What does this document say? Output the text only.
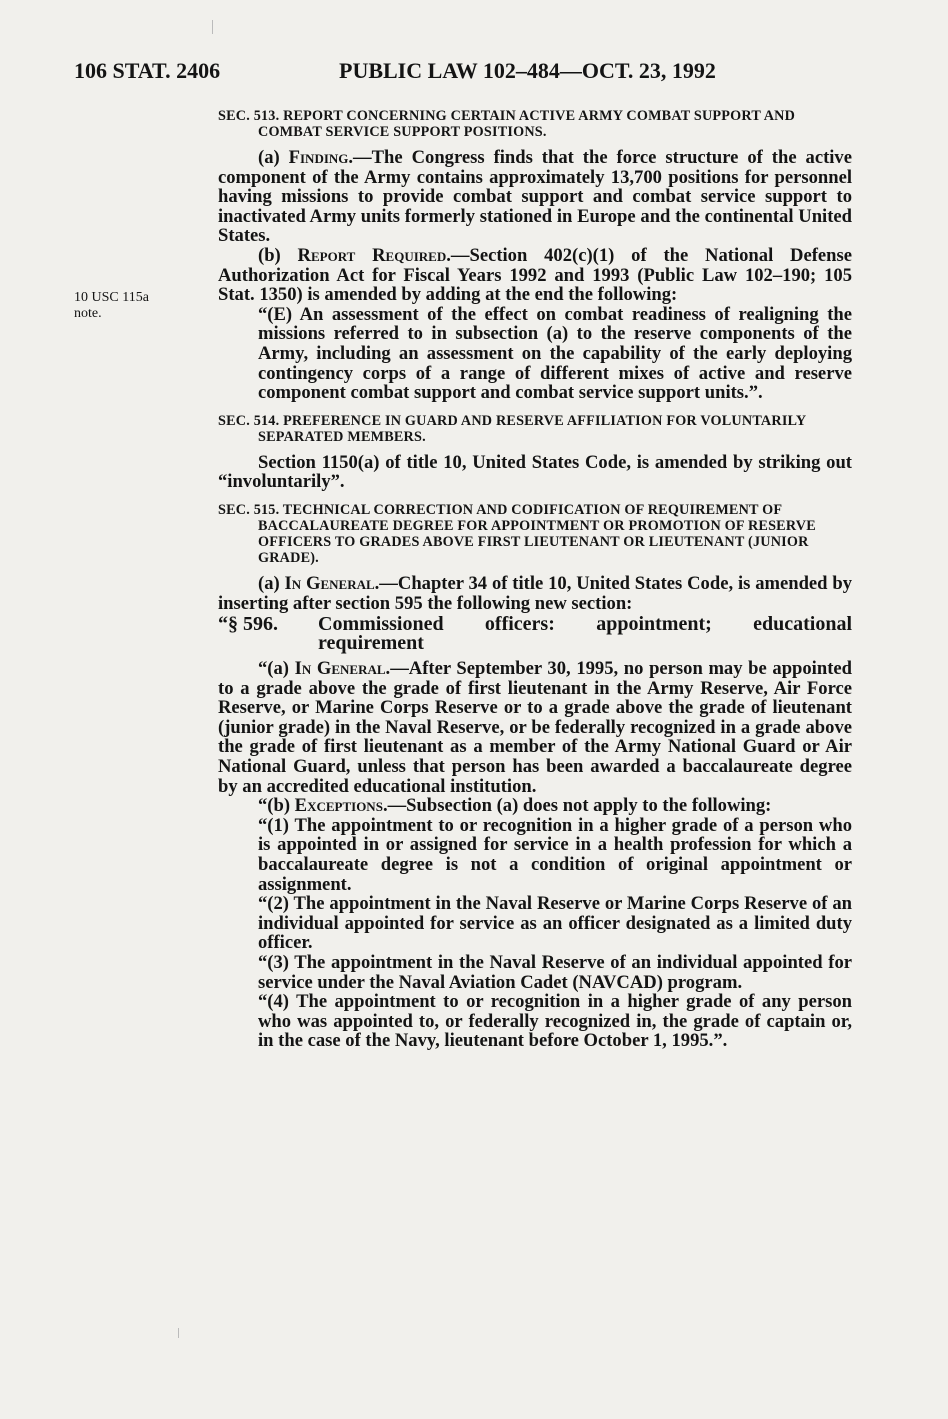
106 STAT. 2406	PUBLIC LAW 102–484—OCT. 23, 1992
10 USC 115a
note.

SEC. 513. REPORT CONCERNING CERTAIN ACTIVE ARMY COMBAT SUPPORT AND COMBAT SERVICE SUPPORT POSITIONS.

(a) Finding.—The Congress finds that the force structure of the active component of the Army contains approximately 13,700 positions for personnel having missions to provide combat support and combat service support to inactivated Army units formerly stationed in Europe and the continental United States.

(b) Report Required.—Section 402(c)(1) of the National Defense Authorization Act for Fiscal Years 1992 and 1993 (Public Law 102–190; 105 Stat. 1350) is amended by adding at the end the following:

“(E) An assessment of the effect on combat readiness of realigning the missions referred to in subsection (a) to the reserve components of the Army, including an assessment on the capability of the early deploying contingency corps of a range of different mixes of active and reserve component combat support and combat service support units.”.

SEC. 514. PREFERENCE IN GUARD AND RESERVE AFFILIATION FOR VOLUNTARILY SEPARATED MEMBERS.

Section 1150(a) of title 10, United States Code, is amended by striking out “involuntarily”.

SEC. 515. TECHNICAL CORRECTION AND CODIFICATION OF REQUIREMENT OF BACCALAUREATE DEGREE FOR APPOINTMENT OR PROMOTION OF RESERVE OFFICERS TO GRADES ABOVE FIRST LIEUTENANT OR LIEUTENANT (JUNIOR GRADE).

(a) In General.—Chapter 34 of title 10, United States Code, is amended by inserting after section 595 the following new section:

“§ 596. Commissioned officers: appointment; educational requirement

“(a) In General.—After September 30, 1995, no person may be appointed to a grade above the grade of first lieutenant in the Army Reserve, Air Force Reserve, or Marine Corps Reserve or to a grade above the grade of lieutenant (junior grade) in the Naval Reserve, or be federally recognized in a grade above the grade of first lieutenant as a member of the Army National Guard or Air National Guard, unless that person has been awarded a baccalaureate degree by an accredited educational institution.

“(b) Exceptions.—Subsection (a) does not apply to the following:

“(1) The appointment to or recognition in a higher grade of a person who is appointed in or assigned for service in a health profession for which a baccalaureate degree is not a condition of original appointment or assignment.

“(2) The appointment in the Naval Reserve or Marine Corps Reserve of an individual appointed for service as an officer designated as a limited duty officer.

“(3) The appointment in the Naval Reserve of an individual appointed for service under the Naval Aviation Cadet (NAVCAD) program.

“(4) The appointment to or recognition in a higher grade of any person who was appointed to, or federally recognized in, the grade of captain or, in the case of the Navy, lieutenant before October 1, 1995.”.
